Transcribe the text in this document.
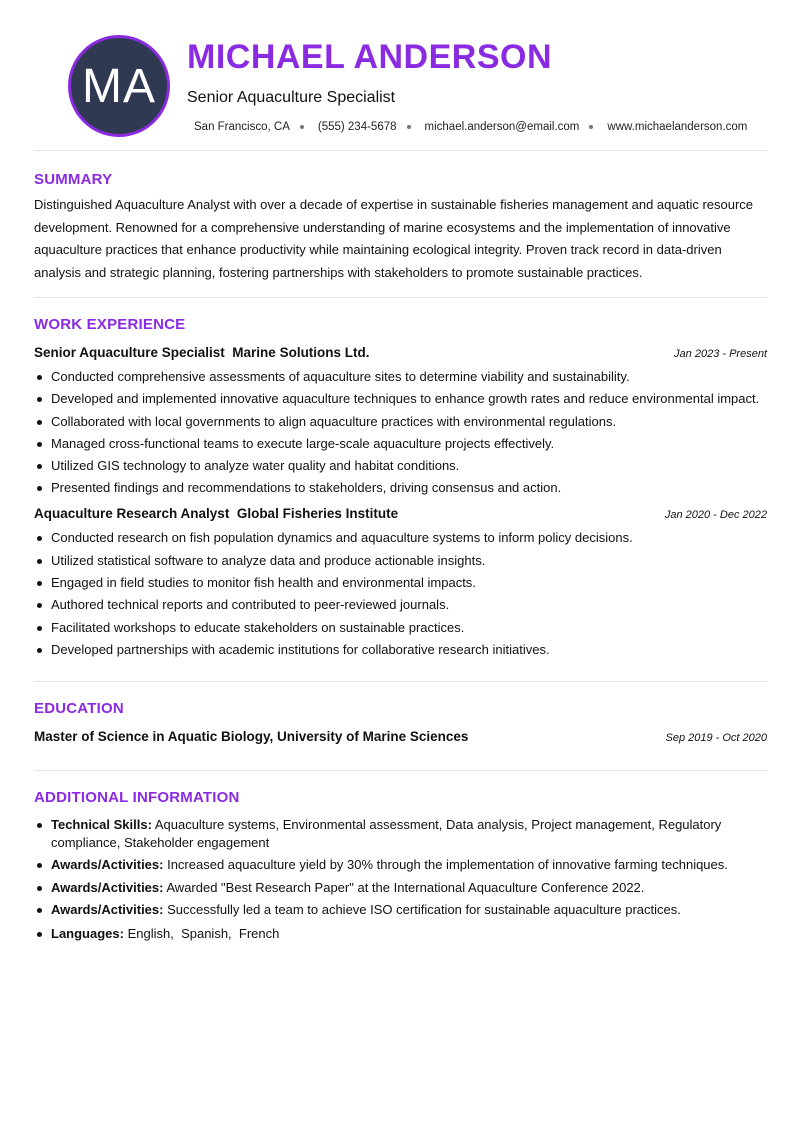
MA
MICHAEL ANDERSON
Senior Aquaculture Specialist
San Francisco, CA (555) 234-5678 michael.anderson@email.com www.michaelanderson.com
SUMMARY

Distinguished Aquaculture Analyst with over a decade of expertise in sustainable fisheries management and aquatic resource development. Renowned for a comprehensive understanding of marine ecosystems and the implementation of innovative aquaculture practices that enhance productivity while maintaining ecological integrity. Proven track record in data-driven analysis and strategic planning, fostering partnerships with stakeholders to promote sustainable practices.

WORK EXPERIENCE
Senior Aquaculture Specialist  Marine Solutions Ltd.	Jan 2023 - Present
Conducted comprehensive assessments of aquaculture sites to determine viability and sustainability.
Developed and implemented innovative aquaculture techniques to enhance growth rates and reduce environmental impact.
Collaborated with local governments to align aquaculture practices with environmental regulations.
Managed cross-functional teams to execute large-scale aquaculture projects effectively.
Utilized GIS technology to analyze water quality and habitat conditions.
Presented findings and recommendations to stakeholders, driving consensus and action.
Aquaculture Research Analyst  Global Fisheries Institute	Jan 2020 - Dec 2022
Conducted research on fish population dynamics and aquaculture systems to inform policy decisions.
Utilized statistical software to analyze data and produce actionable insights.
Engaged in field studies to monitor fish health and environmental impacts.
Authored technical reports and contributed to peer-reviewed journals.
Facilitated workshops to educate stakeholders on sustainable practices.
Developed partnerships with academic institutions for collaborative research initiatives.
EDUCATION
Master of Science in Aquatic Biology, University of Marine Sciences	Sep 2019 - Oct 2020
ADDITIONAL INFORMATION
Technical Skills: Aquaculture systems, Environmental assessment, Data analysis, Project management, Regulatory compliance, Stakeholder engagement
Awards/Activities: Increased aquaculture yield by 30% through the implementation of innovative farming techniques.
Awards/Activities: Awarded "Best Research Paper" at the International Aquaculture Conference 2022.
Awards/Activities: Successfully led a team to achieve ISO certification for sustainable aquaculture practices.
Languages: English,  Spanish,  French
